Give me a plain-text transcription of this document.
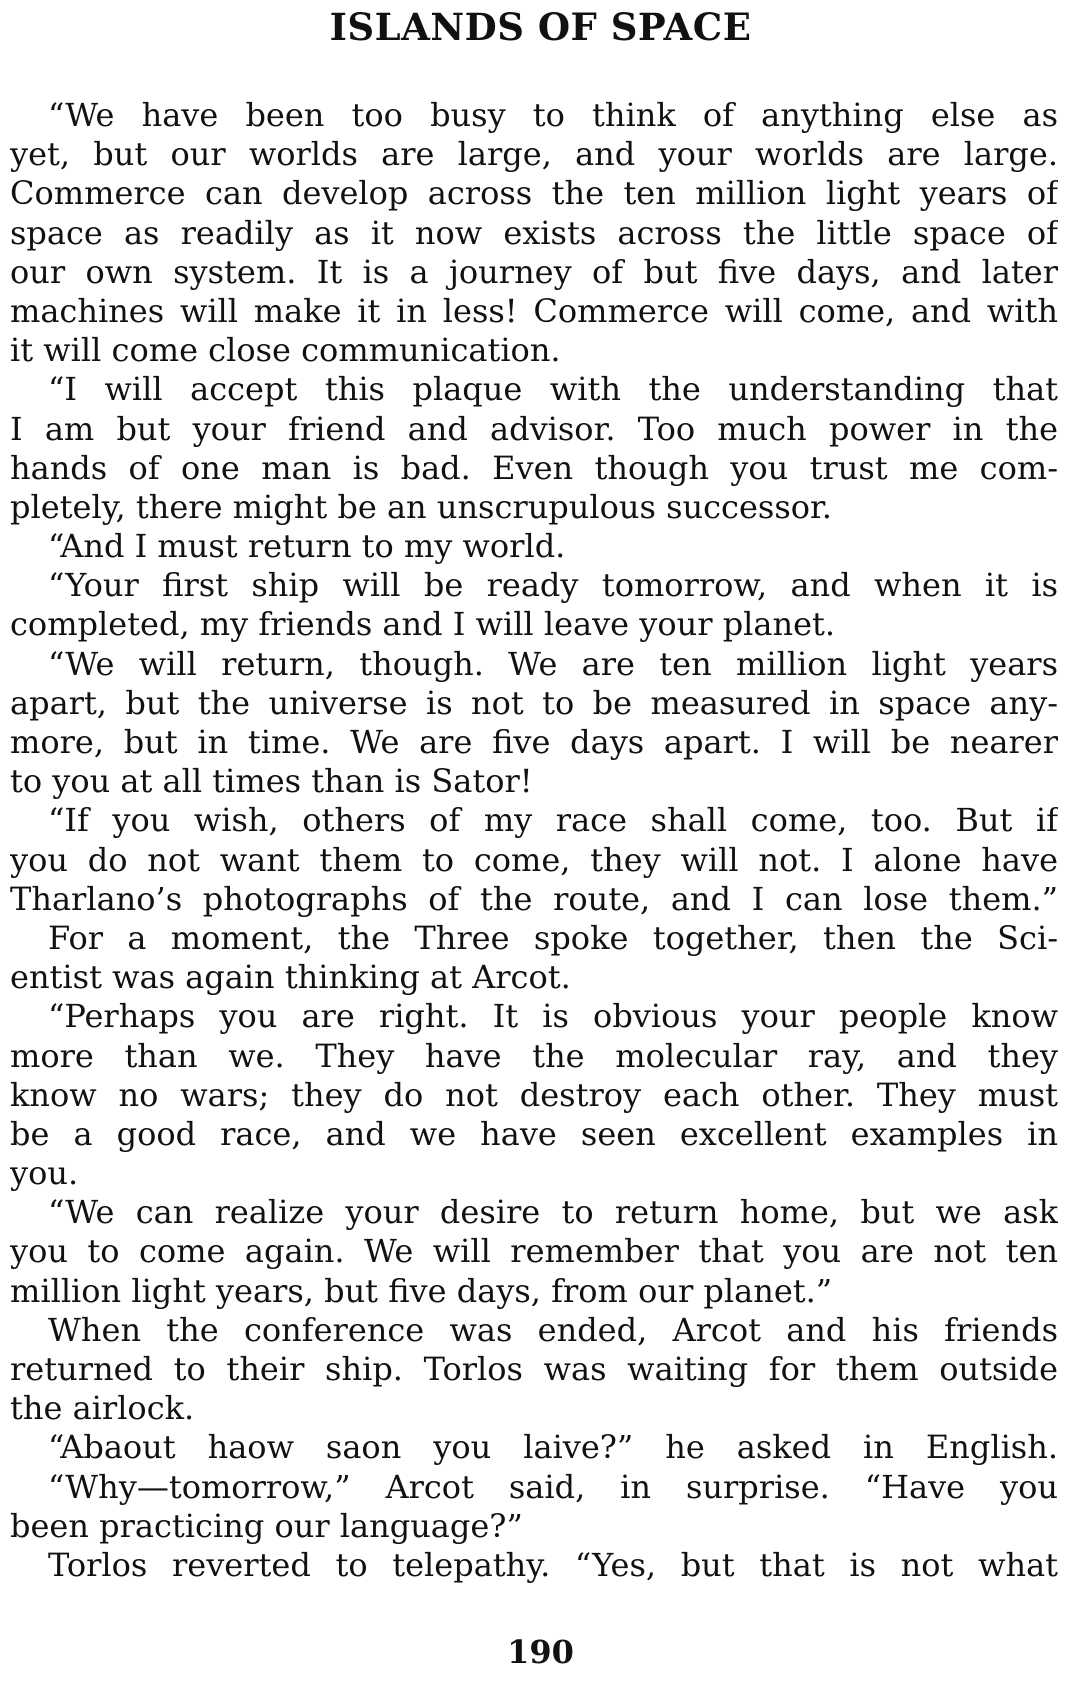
ISLANDS OF SPACE
“We have been too busy to think of anything else as
yet, but our worlds are large, and your worlds are large.
Commerce can develop across the ten million light years of
space as readily as it now exists across the little space of
our own system. It is a journey of but five days, and later
machines will make it in less! Commerce will come, and with
it will come close communication.
“I will accept this plaque with the understanding that
I am but your friend and advisor. Too much power in the
hands of one man is bad. Even though you trust me com-
pletely, there might be an unscrupulous successor.
“And I must return to my world.
“Your first ship will be ready tomorrow, and when it is
completed, my friends and I will leave your planet.
“We will return, though. We are ten million light years
apart, but the universe is not to be measured in space any-
more, but in time. We are five days apart. I will be nearer
to you at all times than is Sator!
“If you wish, others of my race shall come, too. But if
you do not want them to come, they will not. I alone have
Tharlano’s photographs of the route, and I can lose them.”
For a moment, the Three spoke together, then the Sci-
entist was again thinking at Arcot.
“Perhaps you are right. It is obvious your people know
more than we. They have the molecular ray, and they
know no wars; they do not destroy each other. They must
be a good race, and we have seen excellent examples in
you.
“We can realize your desire to return home, but we ask
you to come again. We will remember that you are not ten
million light years, but five days, from our planet.”
When the conference was ended, Arcot and his friends
returned to their ship. Torlos was waiting for them outside
the airlock.
“Abaout haow saon you laive?” he asked in English.
“Why—tomorrow,” Arcot said, in surprise. “Have you
been practicing our language?”
Torlos reverted to telepathy. “Yes, but that is not what
190
